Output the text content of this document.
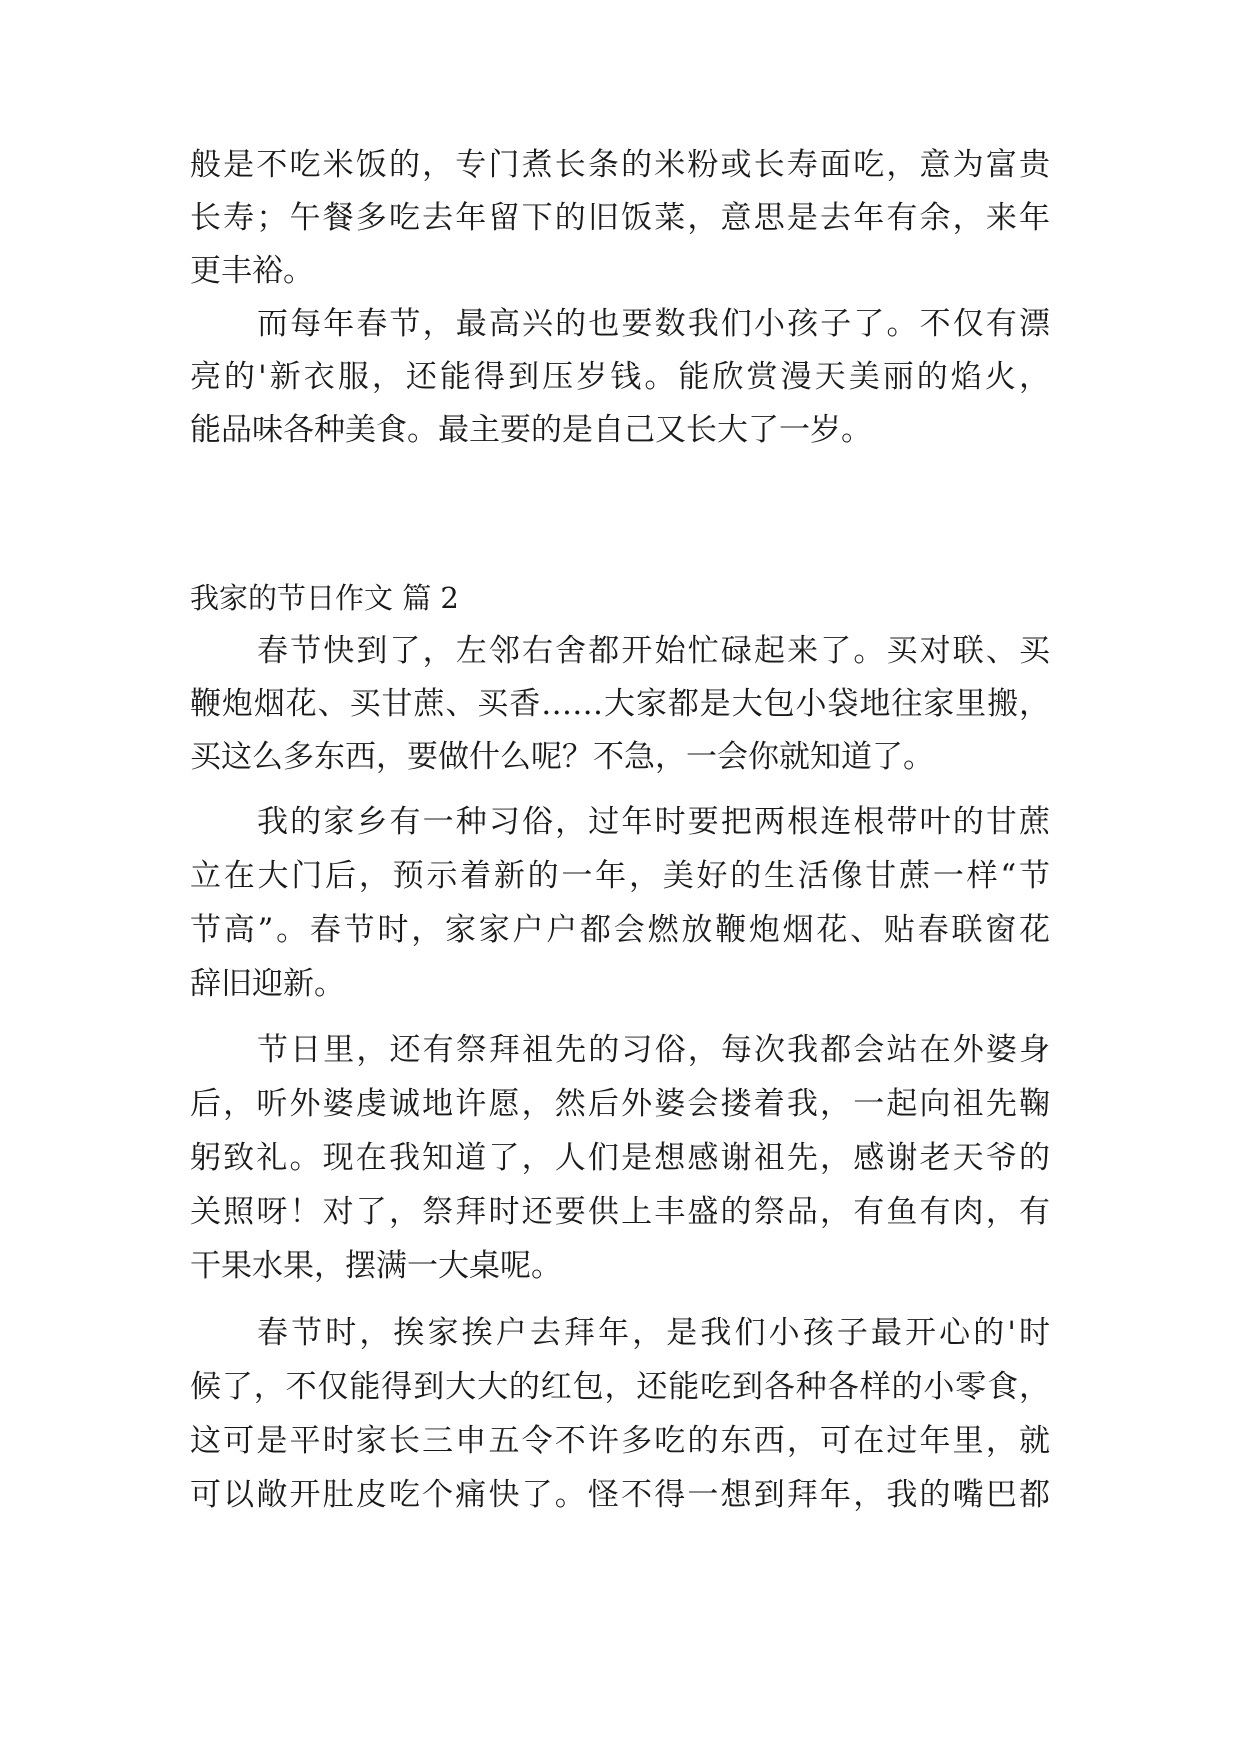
般是不吃米饭的，专门煮长条的米粉或长寿面吃，意为富贵

长寿；午餐多吃去年留下的旧饭菜，意思是去年有余，来年

更丰裕。

而每年春节，最高兴的也要数我们小孩子了。不仅有漂

亮的'新衣服，还能得到压岁钱。能欣赏漫天美丽的焰火，

能品味各种美食。最主要的是自己又长大了一岁。

我家的节日作文 篇 2

春节快到了，左邻右舍都开始忙碌起来了。买对联、买

鞭炮烟花、买甘蔗、买香……大家都是大包小袋地往家里搬，

买这么多东西，要做什么呢？不急，一会你就知道了。

我的家乡有一种习俗，过年时要把两根连根带叶的甘蔗

立在大门后，预示着新的一年，美好的生活像甘蔗一样“节

节高”。春节时，家家户户都会燃放鞭炮烟花、贴春联窗花

辞旧迎新。

节日里，还有祭拜祖先的习俗，每次我都会站在外婆身

后，听外婆虔诚地许愿，然后外婆会搂着我，一起向祖先鞠

躬致礼。现在我知道了，人们是想感谢祖先，感谢老天爷的

关照呀！对了，祭拜时还要供上丰盛的祭品，有鱼有肉，有

干果水果，摆满一大桌呢。

春节时，挨家挨户去拜年，是我们小孩子最开心的'时

候了，不仅能得到大大的红包，还能吃到各种各样的小零食，

这可是平时家长三申五令不许多吃的东西，可在过年里，就

可以敞开肚皮吃个痛快了。怪不得一想到拜年，我的嘴巴都
